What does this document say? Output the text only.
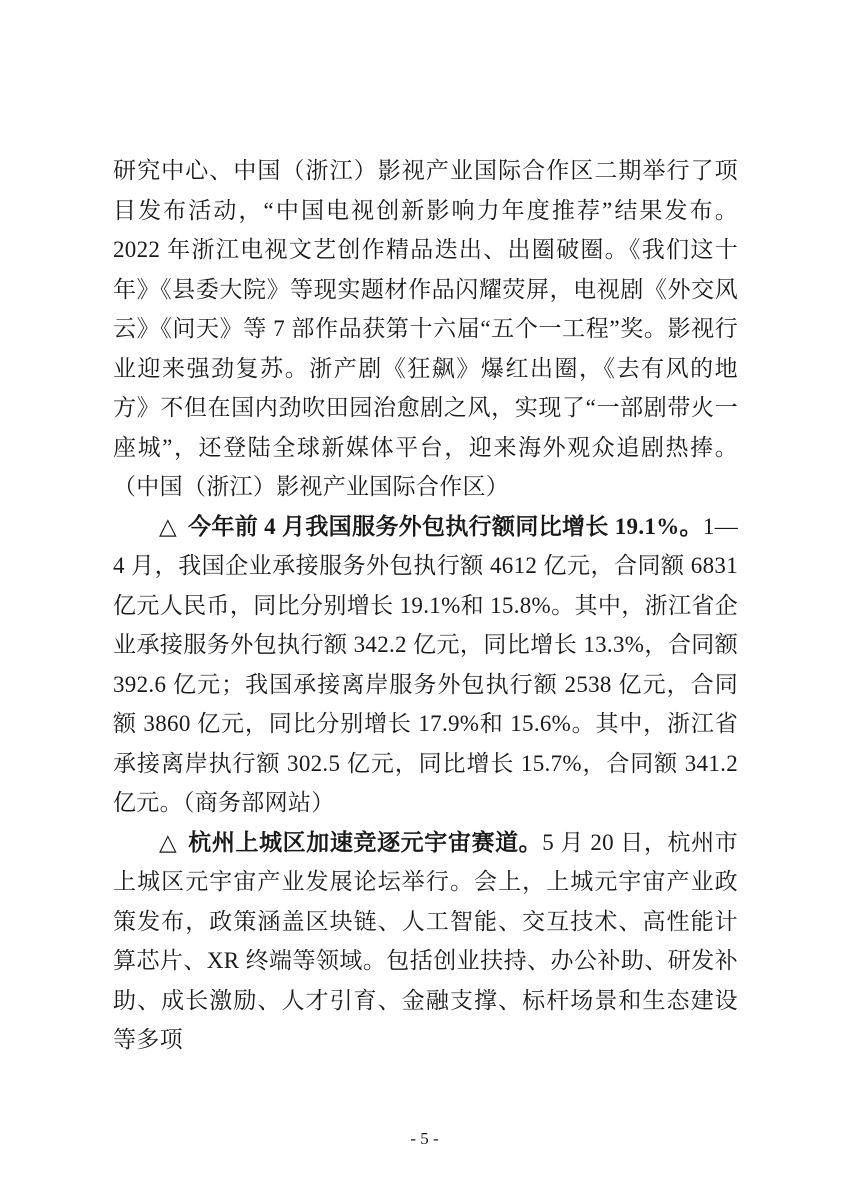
研究中心、中国（浙江）影视产业国际合作区二期举行了项目发布活动，“中国电视创新影响力年度推荐”结果发布。2022 年浙江电视文艺创作精品迭出、出圈破圈。《我们这十年》《县委大院》等现实题材作品闪耀荧屏，电视剧《外交风云》《问天》等 7 部作品获第十六届“五个一工程”奖。影视行业迎来强劲复苏。浙产剧《狂飙》爆红出圈，《去有风的地方》不但在国内劲吹田园治愈剧之风，实现了“一部剧带火一座城”，还登陆全球新媒体平台，迎来海外观众追剧热捧。（中国（浙江）影视产业国际合作区）

△ 今年前 4 月我国服务外包执行额同比增长 19.1%。1—4 月，我国企业承接服务外包执行额 4612 亿元，合同额 6831 亿元人民币，同比分别增长 19.1%和 15.8%。其中，浙江省企业承接服务外包执行额 342.2 亿元，同比增长 13.3%，合同额 392.6 亿元；我国承接离岸服务外包执行额 2538 亿元，合同额 3860 亿元，同比分别增长 17.9%和 15.6%。其中，浙江省承接离岸执行额 302.5 亿元，同比增长 15.7%，合同额 341.2 亿元。（商务部网站）

△ 杭州上城区加速竞逐元宇宙赛道。5 月 20 日，杭州市上城区元宇宙产业发展论坛举行。会上，上城元宇宙产业政策发布，政策涵盖区块链、人工智能、交互技术、高性能计算芯片、XR 终端等领域。包括创业扶持、办公补助、研发补助、成长激励、人才引育、金融支撑、标杆场景和生态建设等多项

- 5 -
